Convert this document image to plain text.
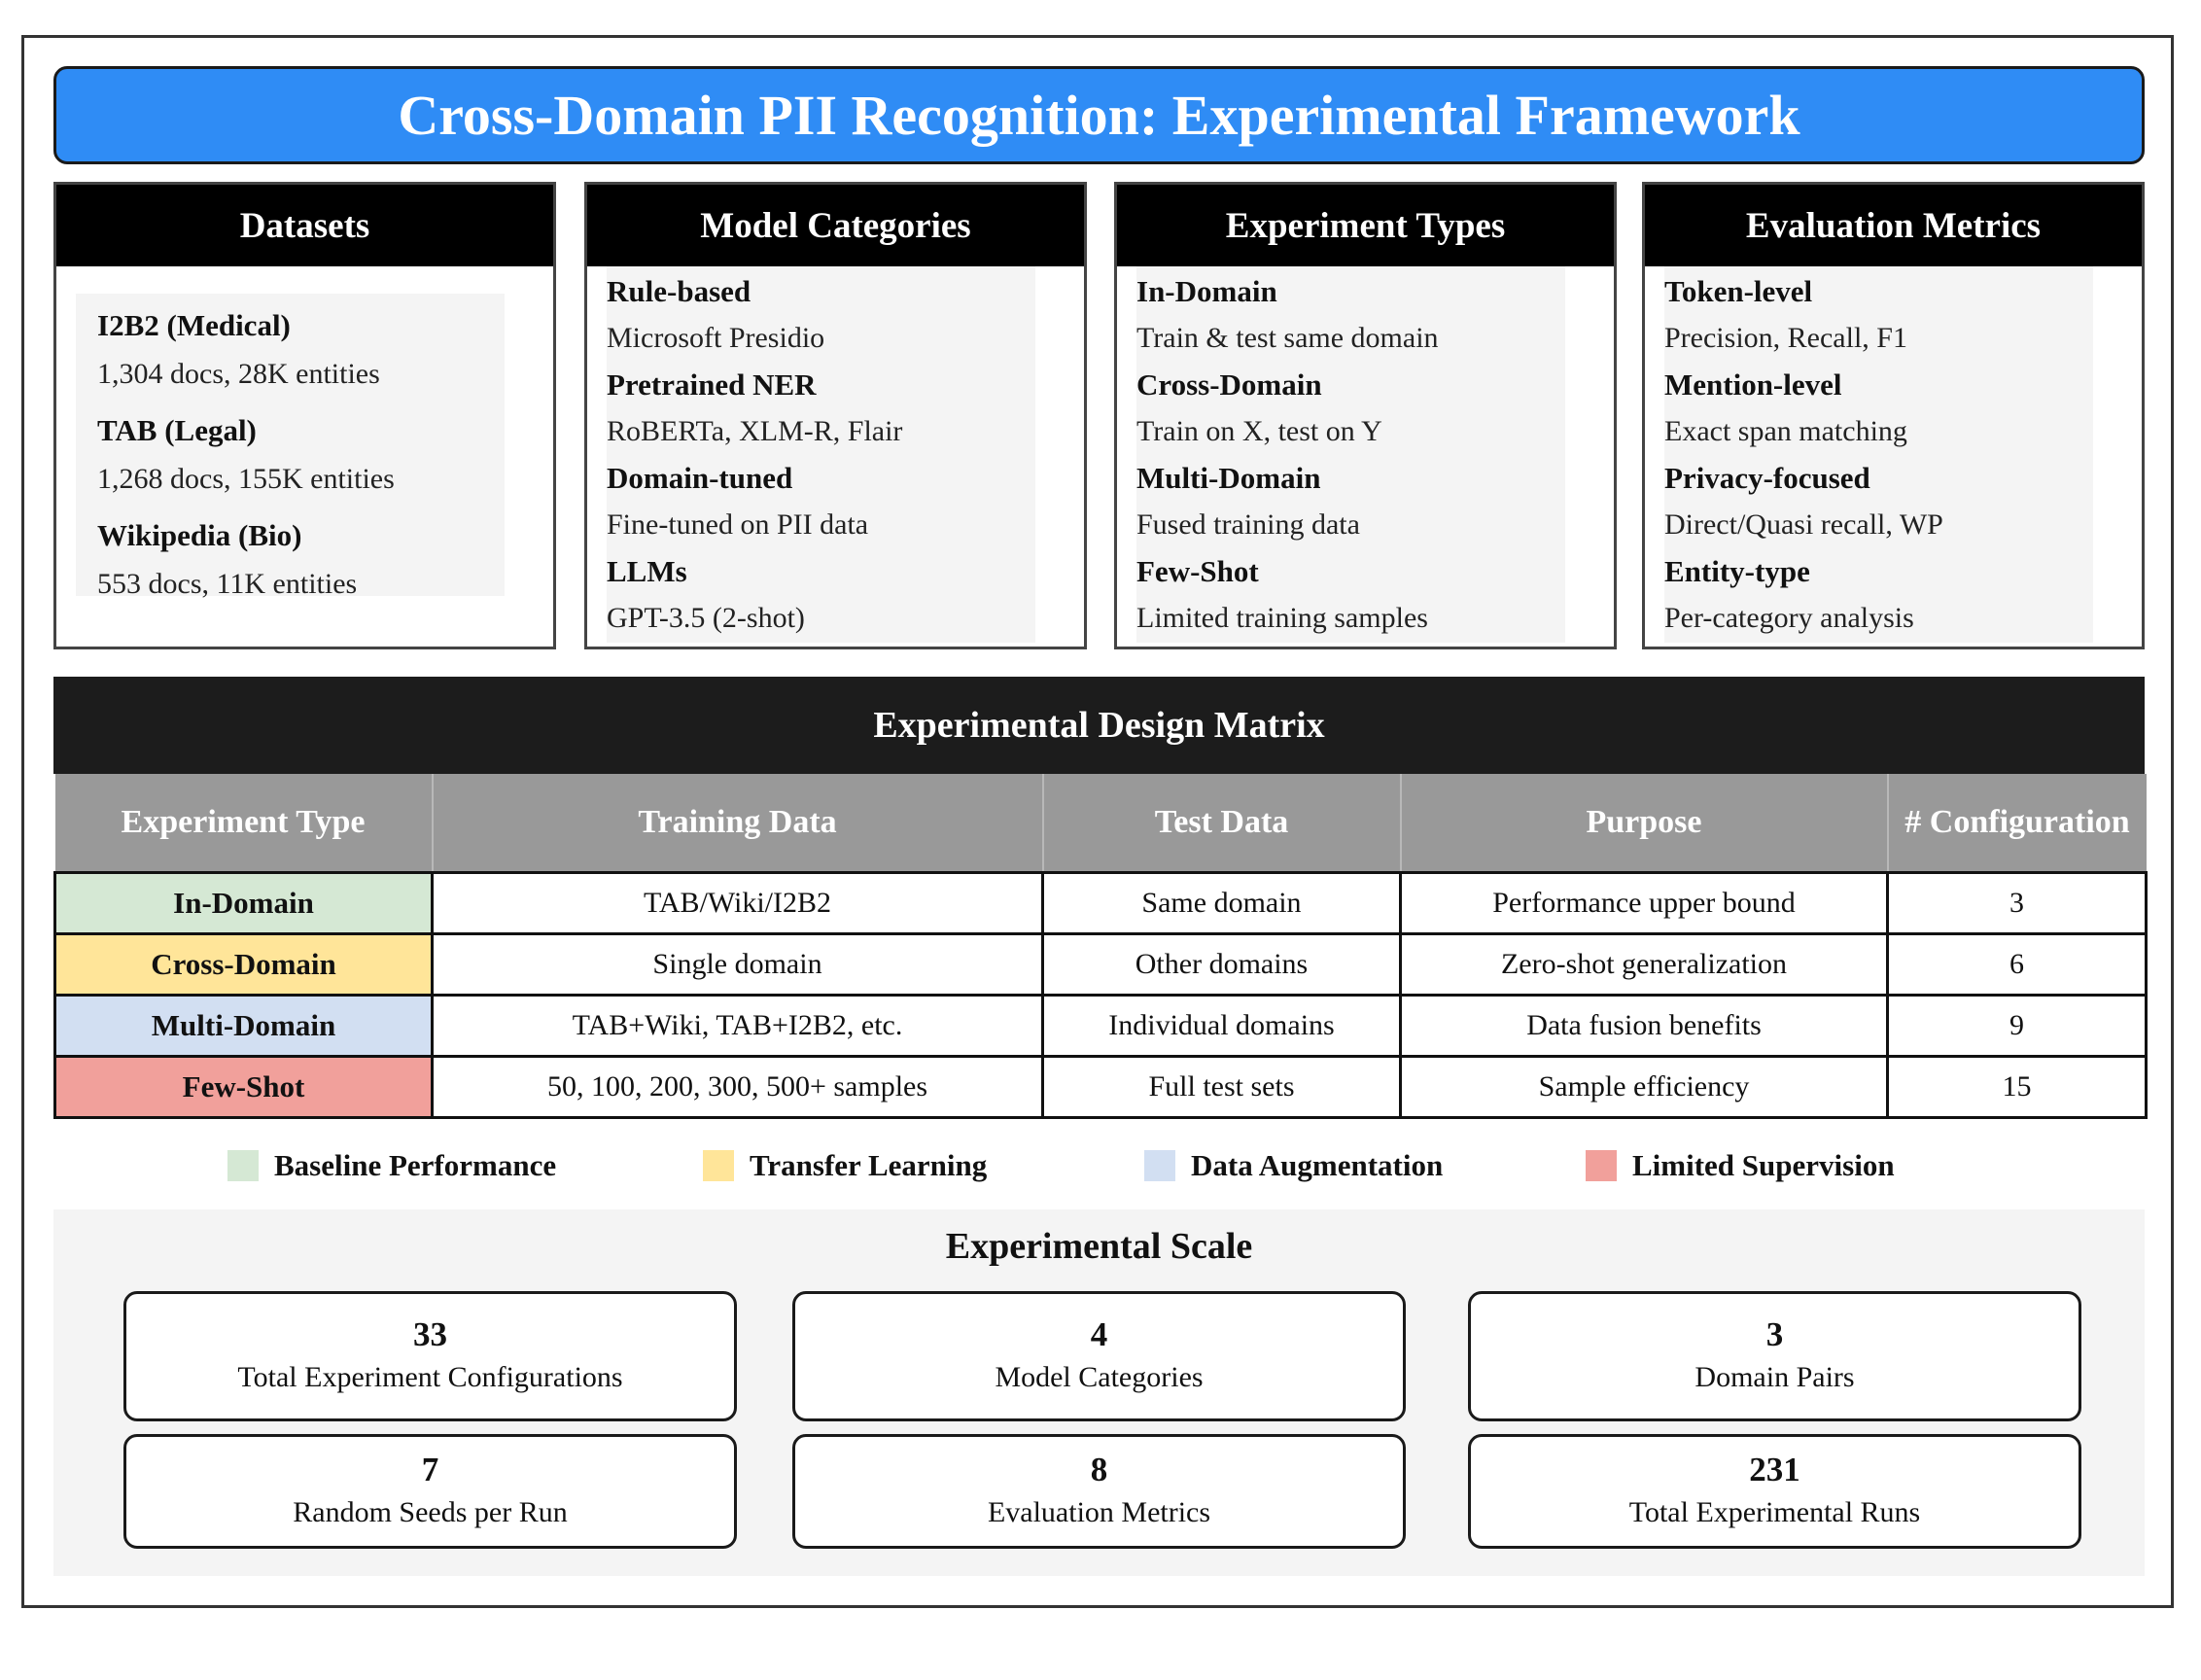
Cross-Domain PII Recognition: Experimental Framework
Datasets
I2B2 (Medical)
1,304 docs, 28K entities
TAB (Legal)
1,268 docs, 155K entities
Wikipedia (Bio)
553 docs, 11K entities
Model Categories
Rule-based
Microsoft Presidio
Pretrained NER
RoBERTa, XLM-R, Flair
Domain-tuned
Fine-tuned on PII data
LLMs
GPT-3.5 (2-shot)
Experiment Types
In-Domain
Train & test same domain
Cross-Domain
Train on X, test on Y
Multi-Domain
Fused training data
Few-Shot
Limited training samples
Evaluation Metrics
Token-level
Precision, Recall, F1
Mention-level
Exact span matching
Privacy-focused
Direct/Quasi recall, WP
Entity-type
Per-category analysis
Experimental Design Matrix
Experiment Type	Training Data	Test Data	Purpose	# Configuration
In-Domain	TAB/Wiki/I2B2	Same domain	Performance upper bound	3
Cross-Domain	Single domain	Other domains	Zero-shot generalization	6
Multi-Domain	TAB+Wiki, TAB+I2B2, etc.	Individual domains	Data fusion benefits	9
Few-Shot	50, 100, 200, 300, 500+ samples	Full test sets	Sample efficiency	15
Baseline Performance	Transfer Learning	Data Augmentation	Limited Supervision
Experimental Scale
33
Total Experiment Configurations
4
Model Categories
3
Domain Pairs
7
Random Seeds per Run
8
Evaluation Metrics
231
Total Experimental Runs
